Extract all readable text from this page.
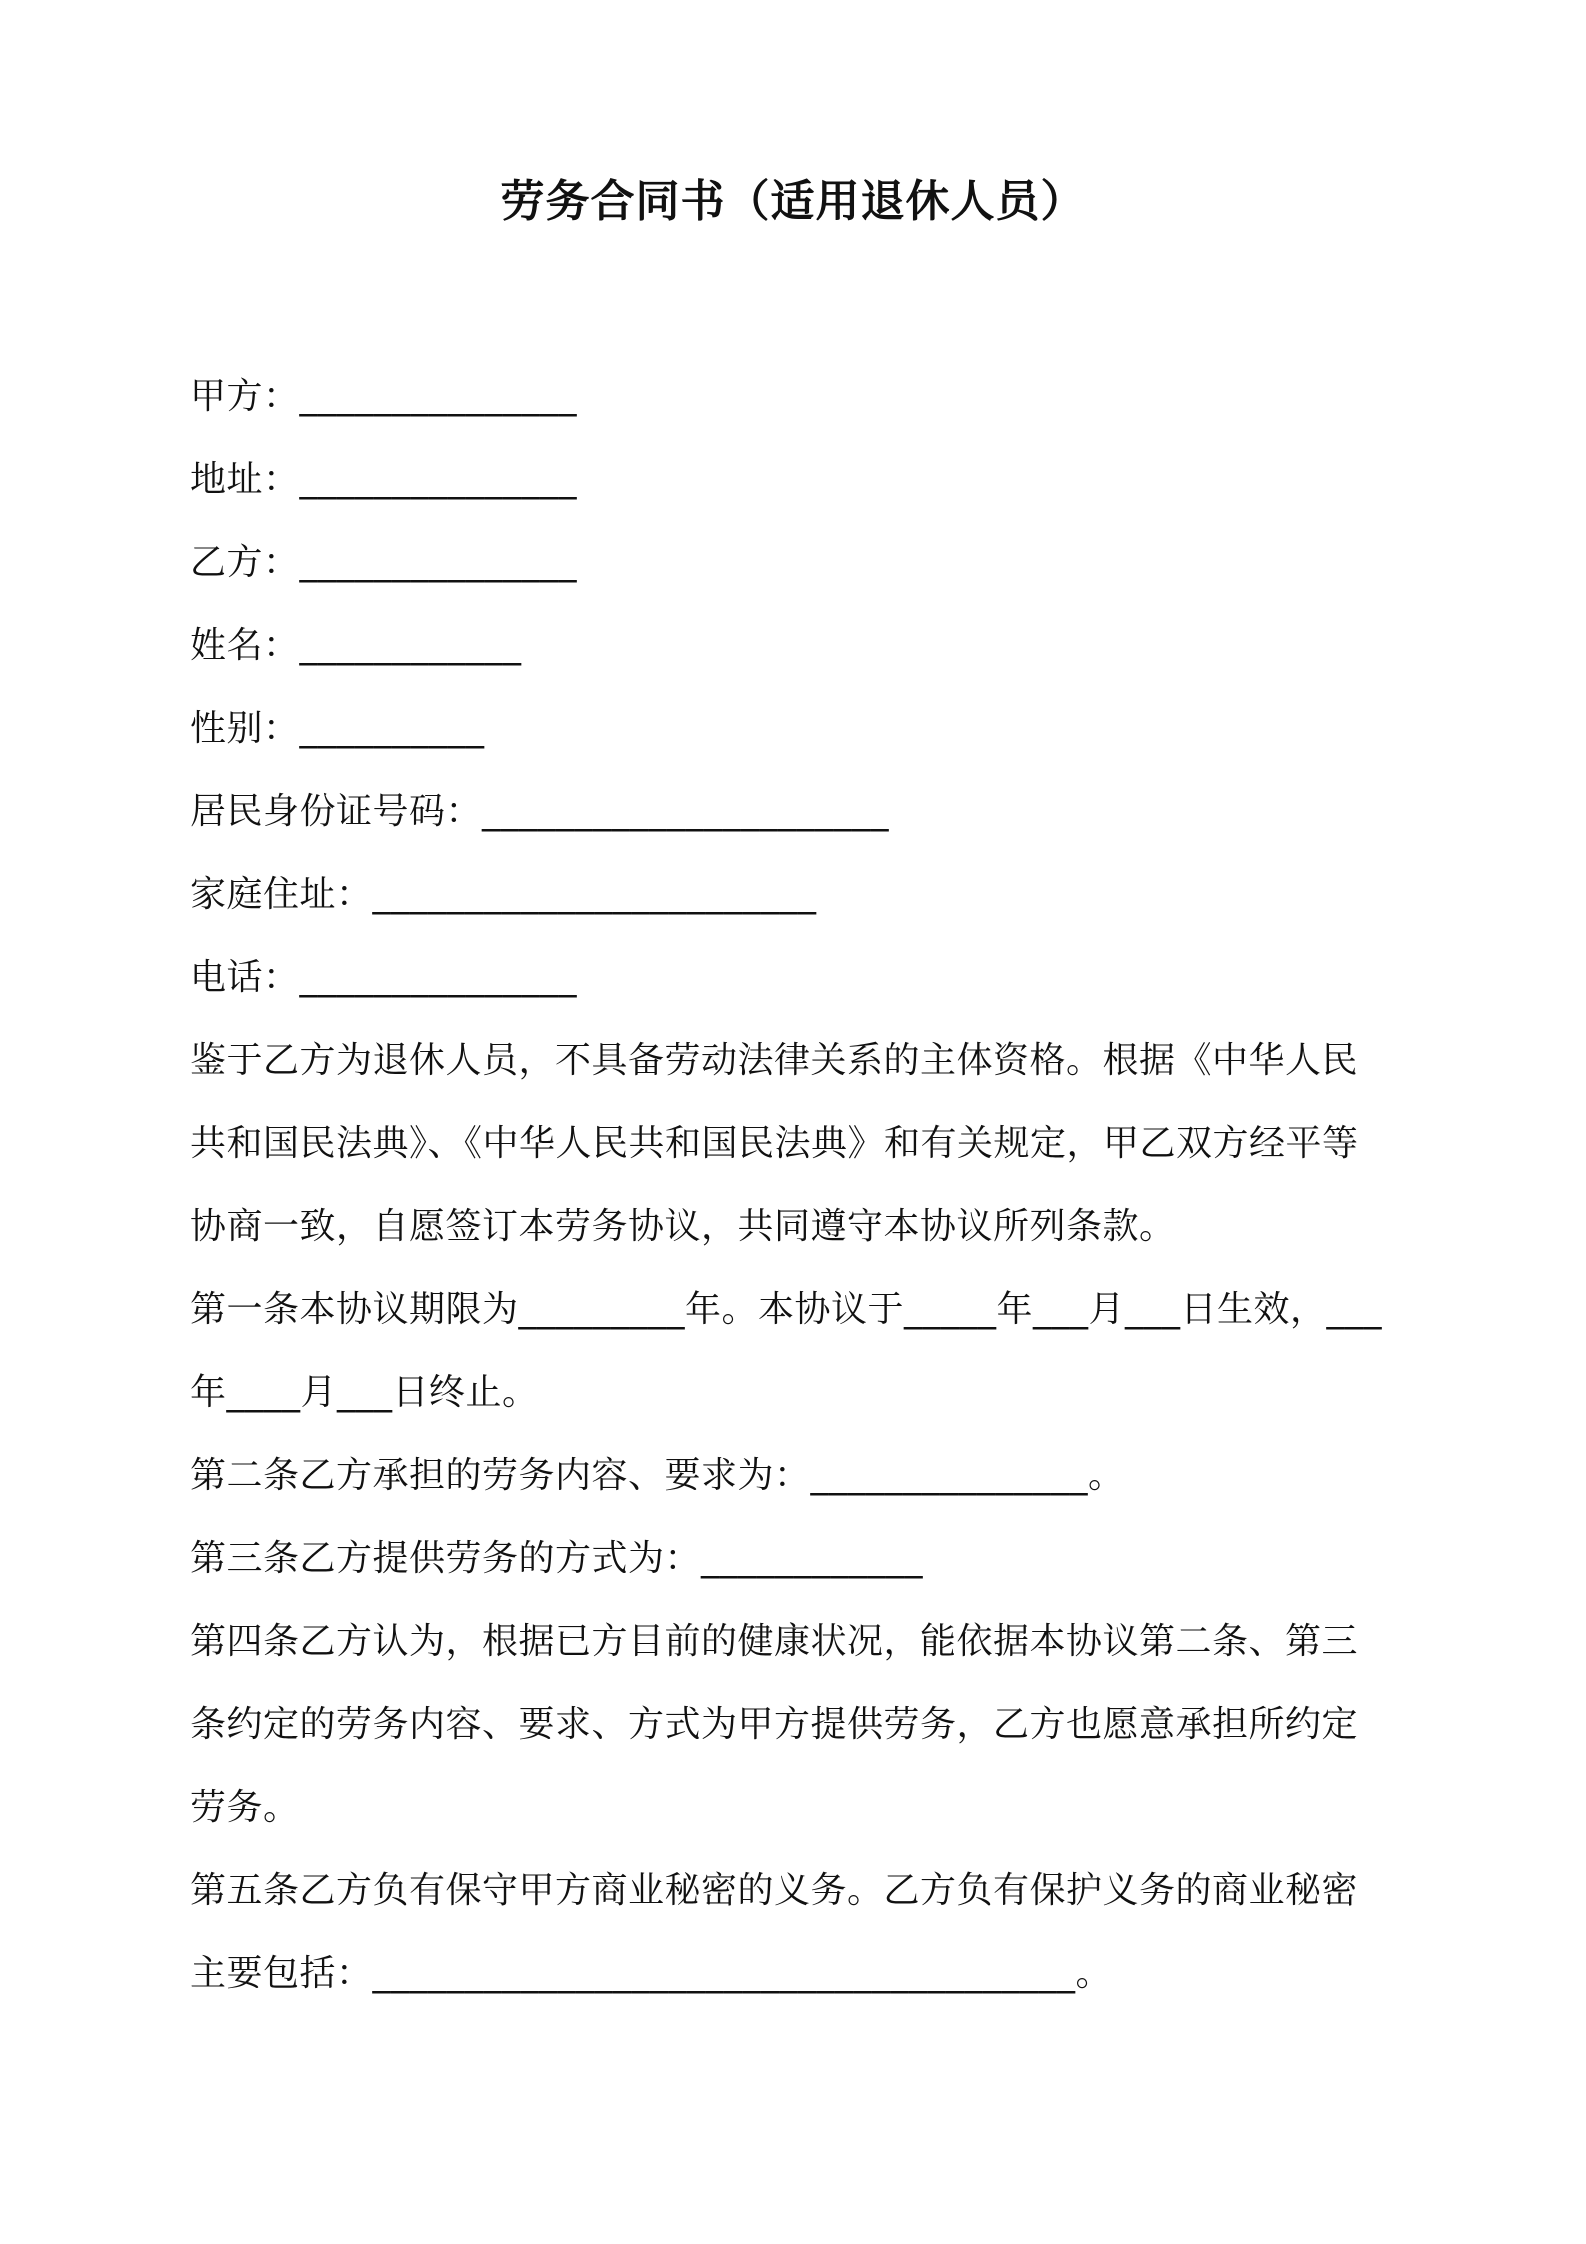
劳务合同书（适用退休人员）
甲方：_______________
地址：_______________
乙方：_______________
姓名：____________
性别：__________
居民身份证号码：______________________
家庭住址：________________________
电话：_______________
鉴于乙方为退休人员，不具备劳动法律关系的主体资格。根据《中华人民
共和国民法典》、《中华人民共和国民法典》和有关规定，甲乙双方经平等
协商一致，自愿签订本劳务协议，共同遵守本协议所列条款。
第一条本协议期限为_________年。本协议于_____年___月___日生效，___
年____月___日终止。
第二条乙方承担的劳务内容、要求为：_______________。
第三条乙方提供劳务的方式为：____________
第四条乙方认为，根据已方目前的健康状况，能依据本协议第二条、第三
条约定的劳务内容、要求、方式为甲方提供劳务，乙方也愿意承担所约定
劳务。
第五条乙方负有保守甲方商业秘密的义务。乙方负有保护义务的商业秘密
主要包括：______________________________________。
